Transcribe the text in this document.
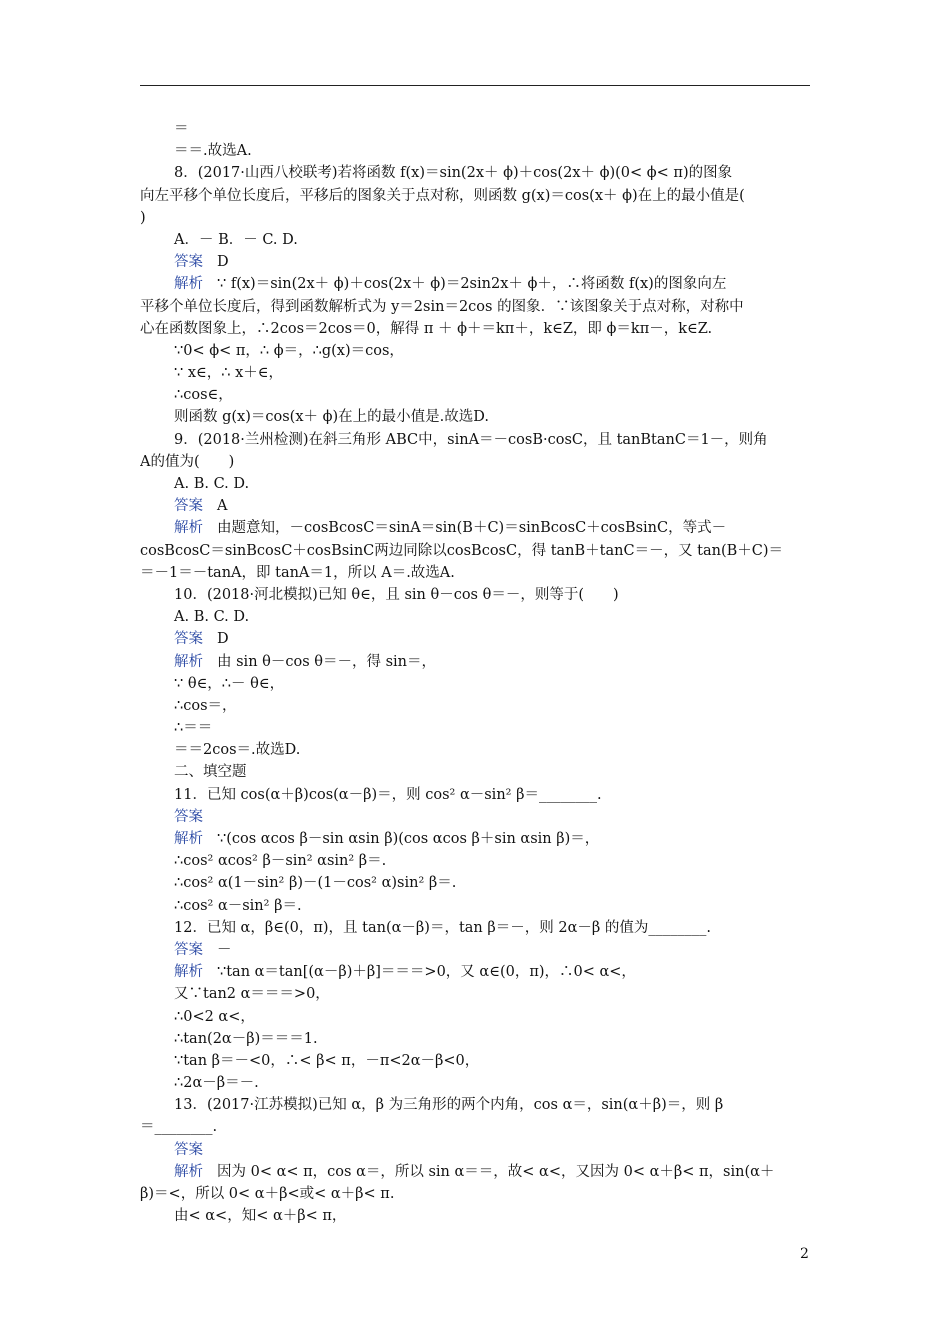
＝
＝＝.故选A.
8．(2017·山西八校联考)若将函数 f(x)＝sin(2x＋ ϕ)＋cos(2x＋ ϕ)(0< ϕ< π)的图象
向左平移个单位长度后，平移后的图象关于点对称，则函数 g(x)＝cos(x＋ ϕ)在上的最小值是(
)
A．－ B．－ C. D.
答案 D
解析 ∵ f(x)＝sin(2x＋ ϕ)＋cos(2x＋ ϕ)＝2sin2x＋ ϕ＋，∴将函数 f(x)的图象向左
平移个单位长度后，得到函数解析式为 y＝2sin＝2cos 的图象．∵该图象关于点对称，对称中
心在函数图象上，∴2cos＝2cos＝0，解得 π ＋ ϕ＋＝kπ＋，k∈Z，即 ϕ＝kπ－，k∈Z.
∵0< ϕ< π，∴ ϕ＝，∴g(x)＝cos，
∵ x∈，∴ x＋∈，
∴cos∈，
则函数 g(x)＝cos(x＋ ϕ)在上的最小值是.故选D.
9．(2018·兰州检测)在斜三角形 ABC中，sinA＝－cosB·cosC，且 tanBtanC＝1－，则角
A的值为(　　)
A. B. C. D.
答案 A
解析 由题意知，－cosBcosC＝sinA＝sin(B＋C)＝sinBcosC＋cosBsinC，等式－
cosBcosC＝sinBcosC＋cosBsinC两边同除以cosBcosC，得 tanB＋tanC＝－，又 tan(B＋C)＝
＝－1＝－tanA，即 tanA＝1，所以 A＝.故选A.
10．(2018·河北模拟)已知 θ∈，且 sin θ－cos θ＝－，则等于(　　)
A. B. C. D.
答案 D
解析 由 sin θ－cos θ＝－，得 sin＝，
∵ θ∈，∴－ θ∈，
∴cos＝，
∴＝＝
＝＝2cos＝.故选D.
二、填空题
11．已知 cos(α＋β)cos(α－β)＝，则 cos² α－sin² β＝________.
答案
解析 ∵(cos αcos β－sin αsin β)(cos αcos β＋sin αsin β)＝，
∴cos² αcos² β－sin² αsin² β＝.
∴cos² α(1－sin² β)－(1－cos² α)sin² β＝.
∴cos² α－sin² β＝.
12．已知 α，β∈(0，π)，且 tan(α－β)＝，tan β＝－，则 2α－β 的值为________.
答案 －
解析 ∵tan α＝tan[(α－β)＋β]＝＝＝>0，又 α∈(0，π)，∴0< α<，
又∵tan2 α＝＝＝>0，
∴0<2 α<，
∴tan(2α－β)＝＝＝1.
∵tan β＝－<0，∴< β< π，－π<2α－β<0，
∴2α－β＝－.
13．(2017·江苏模拟)已知 α，β 为三角形的两个内角，cos α＝，sin(α＋β)＝，则 β
＝________.
答案
解析 因为 0< α< π，cos α＝，所以 sin α＝＝，故< α<，又因为 0< α＋β< π，sin(α＋
β)＝<，所以 0< α＋β<或< α＋β< π.
由< α<，知< α＋β< π，
2
